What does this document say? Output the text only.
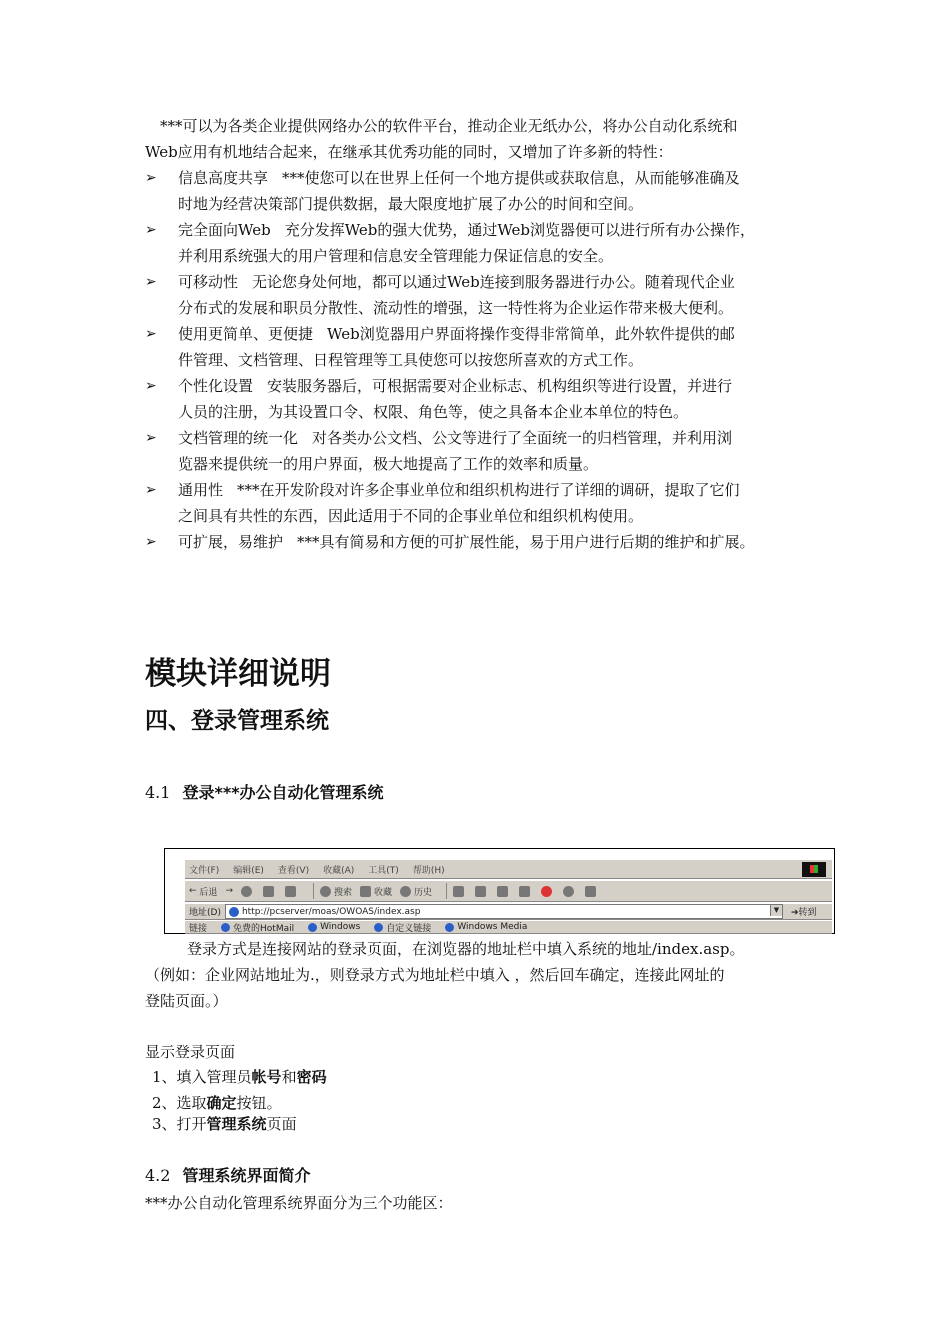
***可以为各类企业提供网络办公的软件平台，推动企业无纸办公，将办公自动化系统和
Web应用有机地结合起来，在继承其优秀功能的同时，又增加了许多新的特性：
➢ 信息高度共享 ***使您可以在世界上任何一个地方提供或获取信息，从而能够准确及
时地为经营决策部门提供数据，最大限度地扩展了办公的时间和空间。
➢ 完全面向Web 充分发挥Web的强大优势，通过Web浏览器便可以进行所有办公操作，
并利用系统强大的用户管理和信息安全管理能力保证信息的安全。
➢ 可移动性 无论您身处何地，都可以通过Web连接到服务器进行办公。随着现代企业
分布式的发展和职员分散性、流动性的增强，这一特性将为企业运作带来极大便利。
➢ 使用更简单、更便捷 Web浏览器用户界面将操作变得非常简单，此外软件提供的邮
件管理、文档管理、日程管理等工具使您可以按您所喜欢的方式工作。
➢ 个性化设置 安装服务器后，可根据需要对企业标志、机构组织等进行设置，并进行
人员的注册，为其设置口令、权限、角色等，使之具备本企业本单位的特色。
➢ 文档管理的统一化 对各类办公文档、公文等进行了全面统一的归档管理，并利用浏
览器来提供统一的用户界面，极大地提高了工作的效率和质量。
➢ 通用性 ***在开发阶段对许多企事业单位和组织机构进行了详细的调研，提取了它们
之间具有共性的东西，因此适用于不同的企事业单位和组织机构使用。
➢ 可扩展，易维护 ***具有简易和方便的可扩展性能，易于用户进行后期的维护和扩展。
模块详细说明
四、登录管理系统
4.1 登录***办公自动化管理系统
文件(F) 编辑(E) 查看(V) 收藏(A) 工具(T) 帮助(H)
←
后退 →	搜索 收藏 历史
地址(D) http://pcserver/moas/OWOAS/index.asp	▼	➔转到
链接	免费的HotMail	Windows	自定义链接	Windows Media
登录方式是连接网站的登录页面，在浏览器的地址栏中填入系统的地址/index.asp。
（例如：企业网站地址为.，则登录方式为地址栏中填入 ，然后回车确定，连接此网址的
登陆页面。）
显示登录页面
1、填入管理员帐号和密码
2、选取确定按钮。
3、打开管理系统页面
4.2 管理系统界面简介
***办公自动化管理系统界面分为三个功能区：
